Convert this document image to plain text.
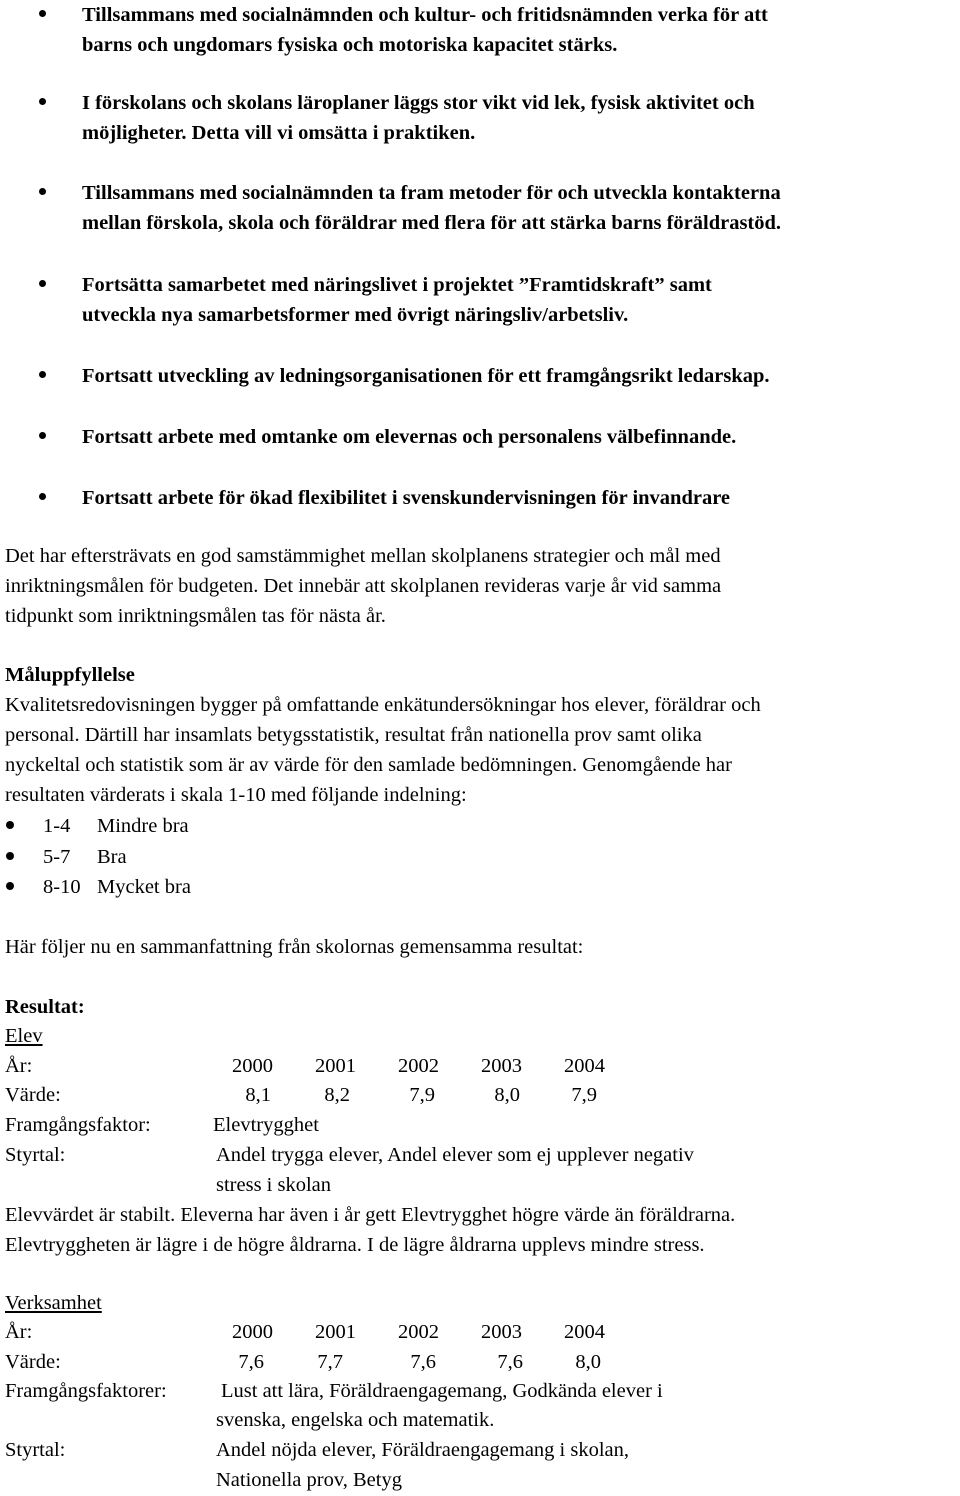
Tillsammans med socialnämnden och kultur- och fritidsnämnden verka för att
barns och ungdomars fysiska och motoriska kapacitet stärks.
I förskolans och skolans läroplaner läggs stor vikt vid lek, fysisk aktivitet och
möjligheter. Detta vill vi omsätta i praktiken.
Tillsammans med socialnämnden ta fram metoder för och utveckla kontakterna
mellan förskola, skola och föräldrar med flera för att stärka barns föräldrastöd.
Fortsätta samarbetet med näringslivet i projektet ”Framtidskraft” samt
utveckla nya samarbetsformer med övrigt näringsliv/arbetsliv.
Fortsatt utveckling av ledningsorganisationen för ett framgångsrikt ledarskap.
Fortsatt arbete med omtanke om elevernas och personalens välbefinnande.
Fortsatt arbete för ökad flexibilitet i svenskundervisningen för invandrare
Det har eftersträvats en god samstämmighet mellan skolplanens strategier och mål med
inriktningsmålen för budgeten. Det innebär att skolplanen revideras varje år vid samma
tidpunkt som inriktningsmålen tas för nästa år.
Måluppfyllelse
Kvalitetsredovisningen bygger på omfattande enkätundersökningar hos elever, föräldrar och
personal. Därtill har insamlats betygsstatistik, resultat från nationella prov samt olika
nyckeltal och statistik som är av värde för den samlade bedömningen. Genomgående har
resultaten värderats i skala 1-10 med följande indelning:
1-4 Mindre bra
5-7 Bra
8-10 Mycket bra
Här följer nu en sammanfattning från skolornas gemensamma resultat:
Resultat:
Elev
År:	2000	2001	2002	2003	2004
Värde:	8,1	8,2	7,9	8,0	7,9
Framgångsfaktor:	Elevtrygghet
Styrtal:	Andel trygga elever, Andel elever som ej upplever negativ
stress i skolan
Elevvärdet är stabilt. Eleverna har även i år gett Elevtrygghet högre värde än föräldrarna.
Elevtryggheten är lägre i de högre åldrarna. I de lägre åldrarna upplevs mindre stress.
Verksamhet
År:	2000	2001	2002	2003	2004
Värde:	7,6	7,7	7,6	7,6	8,0
Framgångsfaktorer:	Lust att lära, Föräldraengagemang, Godkända elever i
svenska, engelska och matematik.
Styrtal:	Andel nöjda elever, Föräldraengagemang i skolan,
Nationella prov, Betyg
